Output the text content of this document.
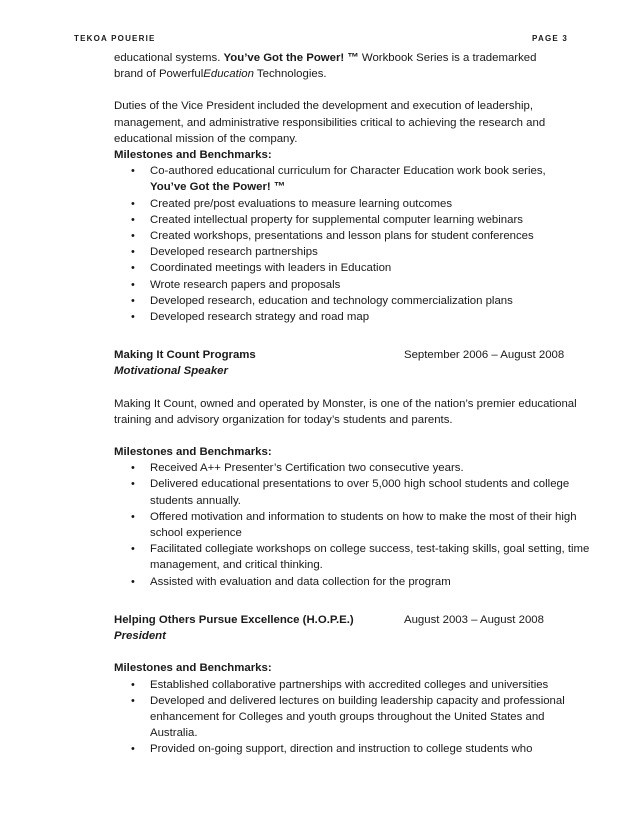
TEKOA POUERIE	PAGE 3

educational systems. You’ve Got the Power! ™ Workbook Series is a trademarked

brand of PowerfulEducation Technologies.

Duties of the Vice President included the development and execution of leadership, management, and administrative responsibilities critical to achieving the research and educational mission of the company.

Milestones and Benchmarks:

• Co-authored educational curriculum for Character Education work book series,
You’ve Got the Power! ™
• Created pre/post evaluations to measure learning outcomes
• Created intellectual property for supplemental computer learning webinars
• Created workshops, presentations and lesson plans for student conferences
• Developed research partnerships
• Coordinated meetings with leaders in Education
• Wrote research papers and proposals
• Developed research, education and technology commercialization plans
• Developed research strategy and road map
Making It Count Programs	September 2006 – August 2008

Motivational Speaker

Making It Count, owned and operated by Monster, is one of the nation’s premier educational training and advisory organization for today’s students and parents.

Milestones and Benchmarks:

• Received A++ Presenter’s Certification two consecutive years.
• Delivered educational presentations to over 5,000 high school students and college students annually.
• Offered motivation and information to students on how to make the most of their high school experience
• Facilitated collegiate workshops on college success, test-taking skills, goal setting, time management, and critical thinking.
• Assisted with evaluation and data collection for the program
Helping Others Pursue Excellence (H.O.P.E.)	August 2003 – August 2008

President

Milestones and Benchmarks:

• Established collaborative partnerships with accredited colleges and universities
• Developed and delivered lectures on building leadership capacity and professional enhancement for Colleges and youth groups throughout the United States and Australia.
• Provided on-going support, direction and instruction to college students who
